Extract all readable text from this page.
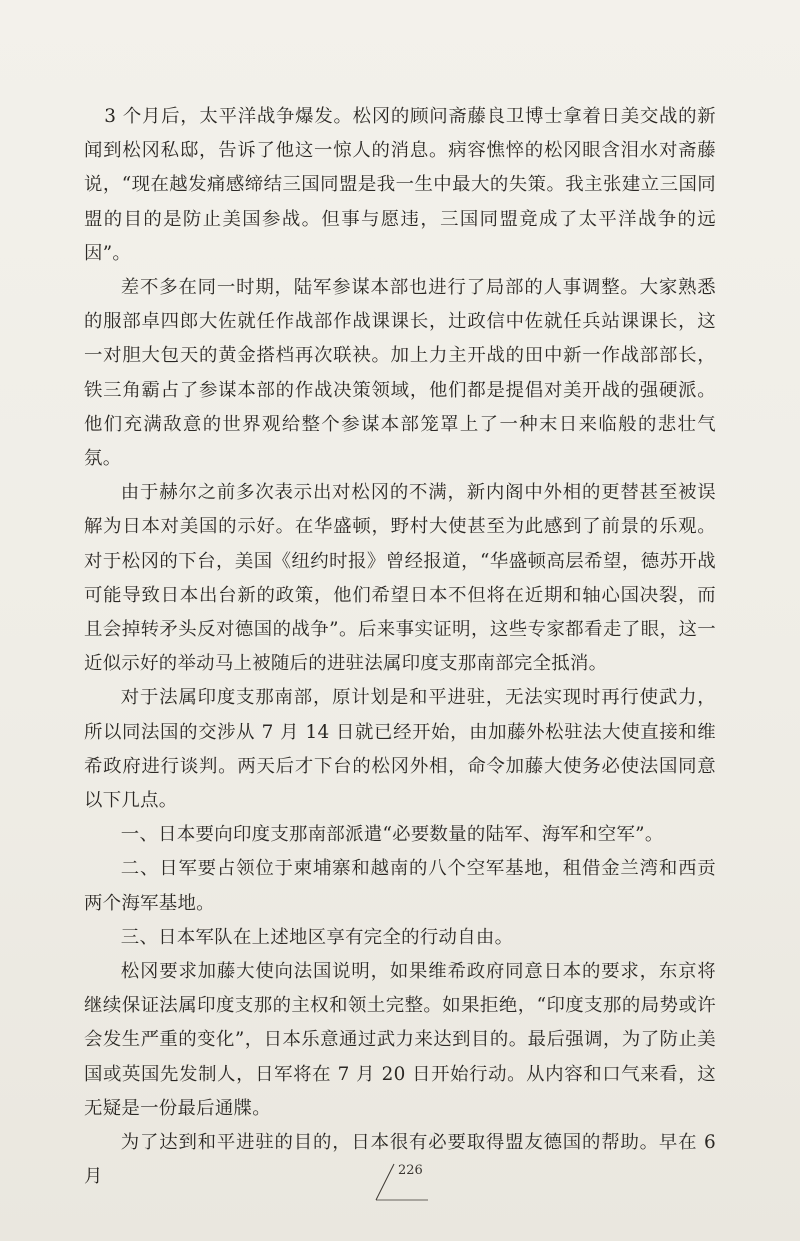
3 个月后，太平洋战争爆发。松冈的顾问斋藤良卫博士拿着日美交战的新闻到松冈私邸，告诉了他这一惊人的消息。病容憔悴的松冈眼含泪水对斋藤说，“现在越发痛感缔结三国同盟是我一生中最大的失策。我主张建立三国同盟的目的是防止美国参战。但事与愿违，三国同盟竟成了太平洋战争的远因”。

差不多在同一时期，陆军参谋本部也进行了局部的人事调整。大家熟悉的服部卓四郎大佐就任作战部作战课课长，辻政信中佐就任兵站课课长，这一对胆大包天的黄金搭档再次联袂。加上力主开战的田中新一作战部部长，铁三角霸占了参谋本部的作战决策领域，他们都是提倡对美开战的强硬派。他们充满敌意的世界观给整个参谋本部笼罩上了一种末日来临般的悲壮气氛。

由于赫尔之前多次表示出对松冈的不满，新内阁中外相的更替甚至被误解为日本对美国的示好。在华盛顿，野村大使甚至为此感到了前景的乐观。对于松冈的下台，美国《纽约时报》曾经报道，“华盛顿高层希望，德苏开战可能导致日本出台新的政策，他们希望日本不但将在近期和轴心国决裂，而且会掉转矛头反对德国的战争”。后来事实证明，这些专家都看走了眼，这一近似示好的举动马上被随后的进驻法属印度支那南部完全抵消。

对于法属印度支那南部，原计划是和平进驻，无法实现时再行使武力，所以同法国的交涉从 7 月 14 日就已经开始，由加藤外松驻法大使直接和维希政府进行谈判。两天后才下台的松冈外相，命令加藤大使务必使法国同意以下几点。

一、日本要向印度支那南部派遣“必要数量的陆军、海军和空军”。

二、日军要占领位于柬埔寨和越南的八个空军基地，租借金兰湾和西贡两个海军基地。

三、日本军队在上述地区享有完全的行动自由。

松冈要求加藤大使向法国说明，如果维希政府同意日本的要求，东京将继续保证法属印度支那的主权和领土完整。如果拒绝，“印度支那的局势或许会发生严重的变化”，日本乐意通过武力来达到目的。最后强调，为了防止美国或英国先发制人，日军将在 7 月 20 日开始行动。从内容和口气来看，这无疑是一份最后通牒。

为了达到和平进驻的目的，日本很有必要取得盟友德国的帮助。早在 6 月	226
